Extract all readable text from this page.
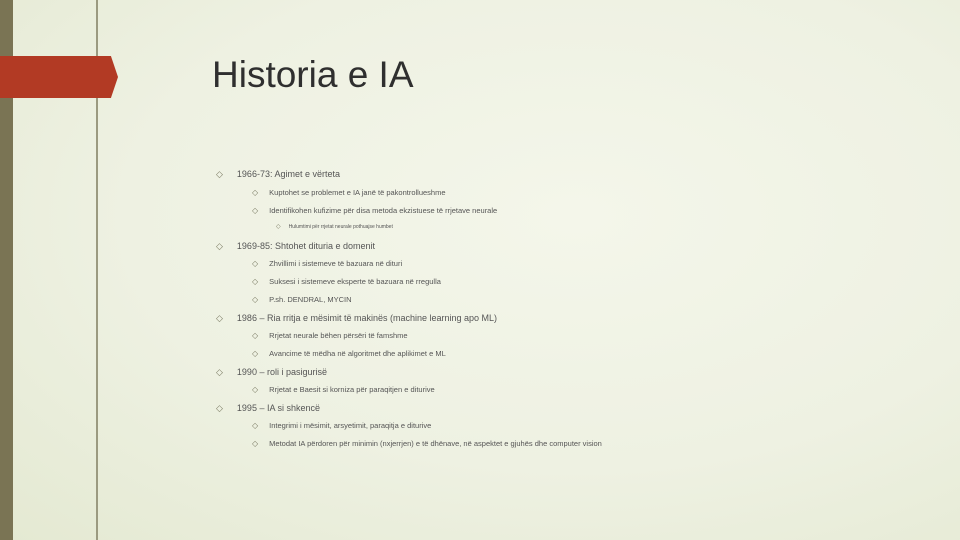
Historia e IA
◇ 1966-73: Agimet e vërteta
◇ Kuptohet se problemet e IA janë të pakontrollueshme
◇ Identifikohen kufizime për disa metoda ekzistuese të rrjetave neurale
◇ Hulumtimi për rrjetat neurale pothuajse humbet
◇ 1969-85: Shtohet dituria e domenit
◇ Zhvillimi i sistemeve të bazuara në dituri
◇ Suksesi i sistemeve eksperte të bazuara në rregulla
◇ P.sh. DENDRAL, MYCIN
◇ 1986 – Ria rritja e mësimit të makinës (machine learning apo ML)
◇ Rrjetat neurale bëhen përsëri të famshme
◇ Avancime të mëdha në algoritmet dhe aplikimet e ML
◇ 1990 – roli i pasigurisë
◇ Rrjetat e Baesit si korniza për paraqitjen e diturive
◇ 1995 – IA si shkencë
◇ Integrimi i mësimit, arsyetimit, paraqitja e diturive
◇ Metodat IA përdoren për minimin (nxjerrjen) e të dhënave, në aspektet e gjuhës dhe computer vision
